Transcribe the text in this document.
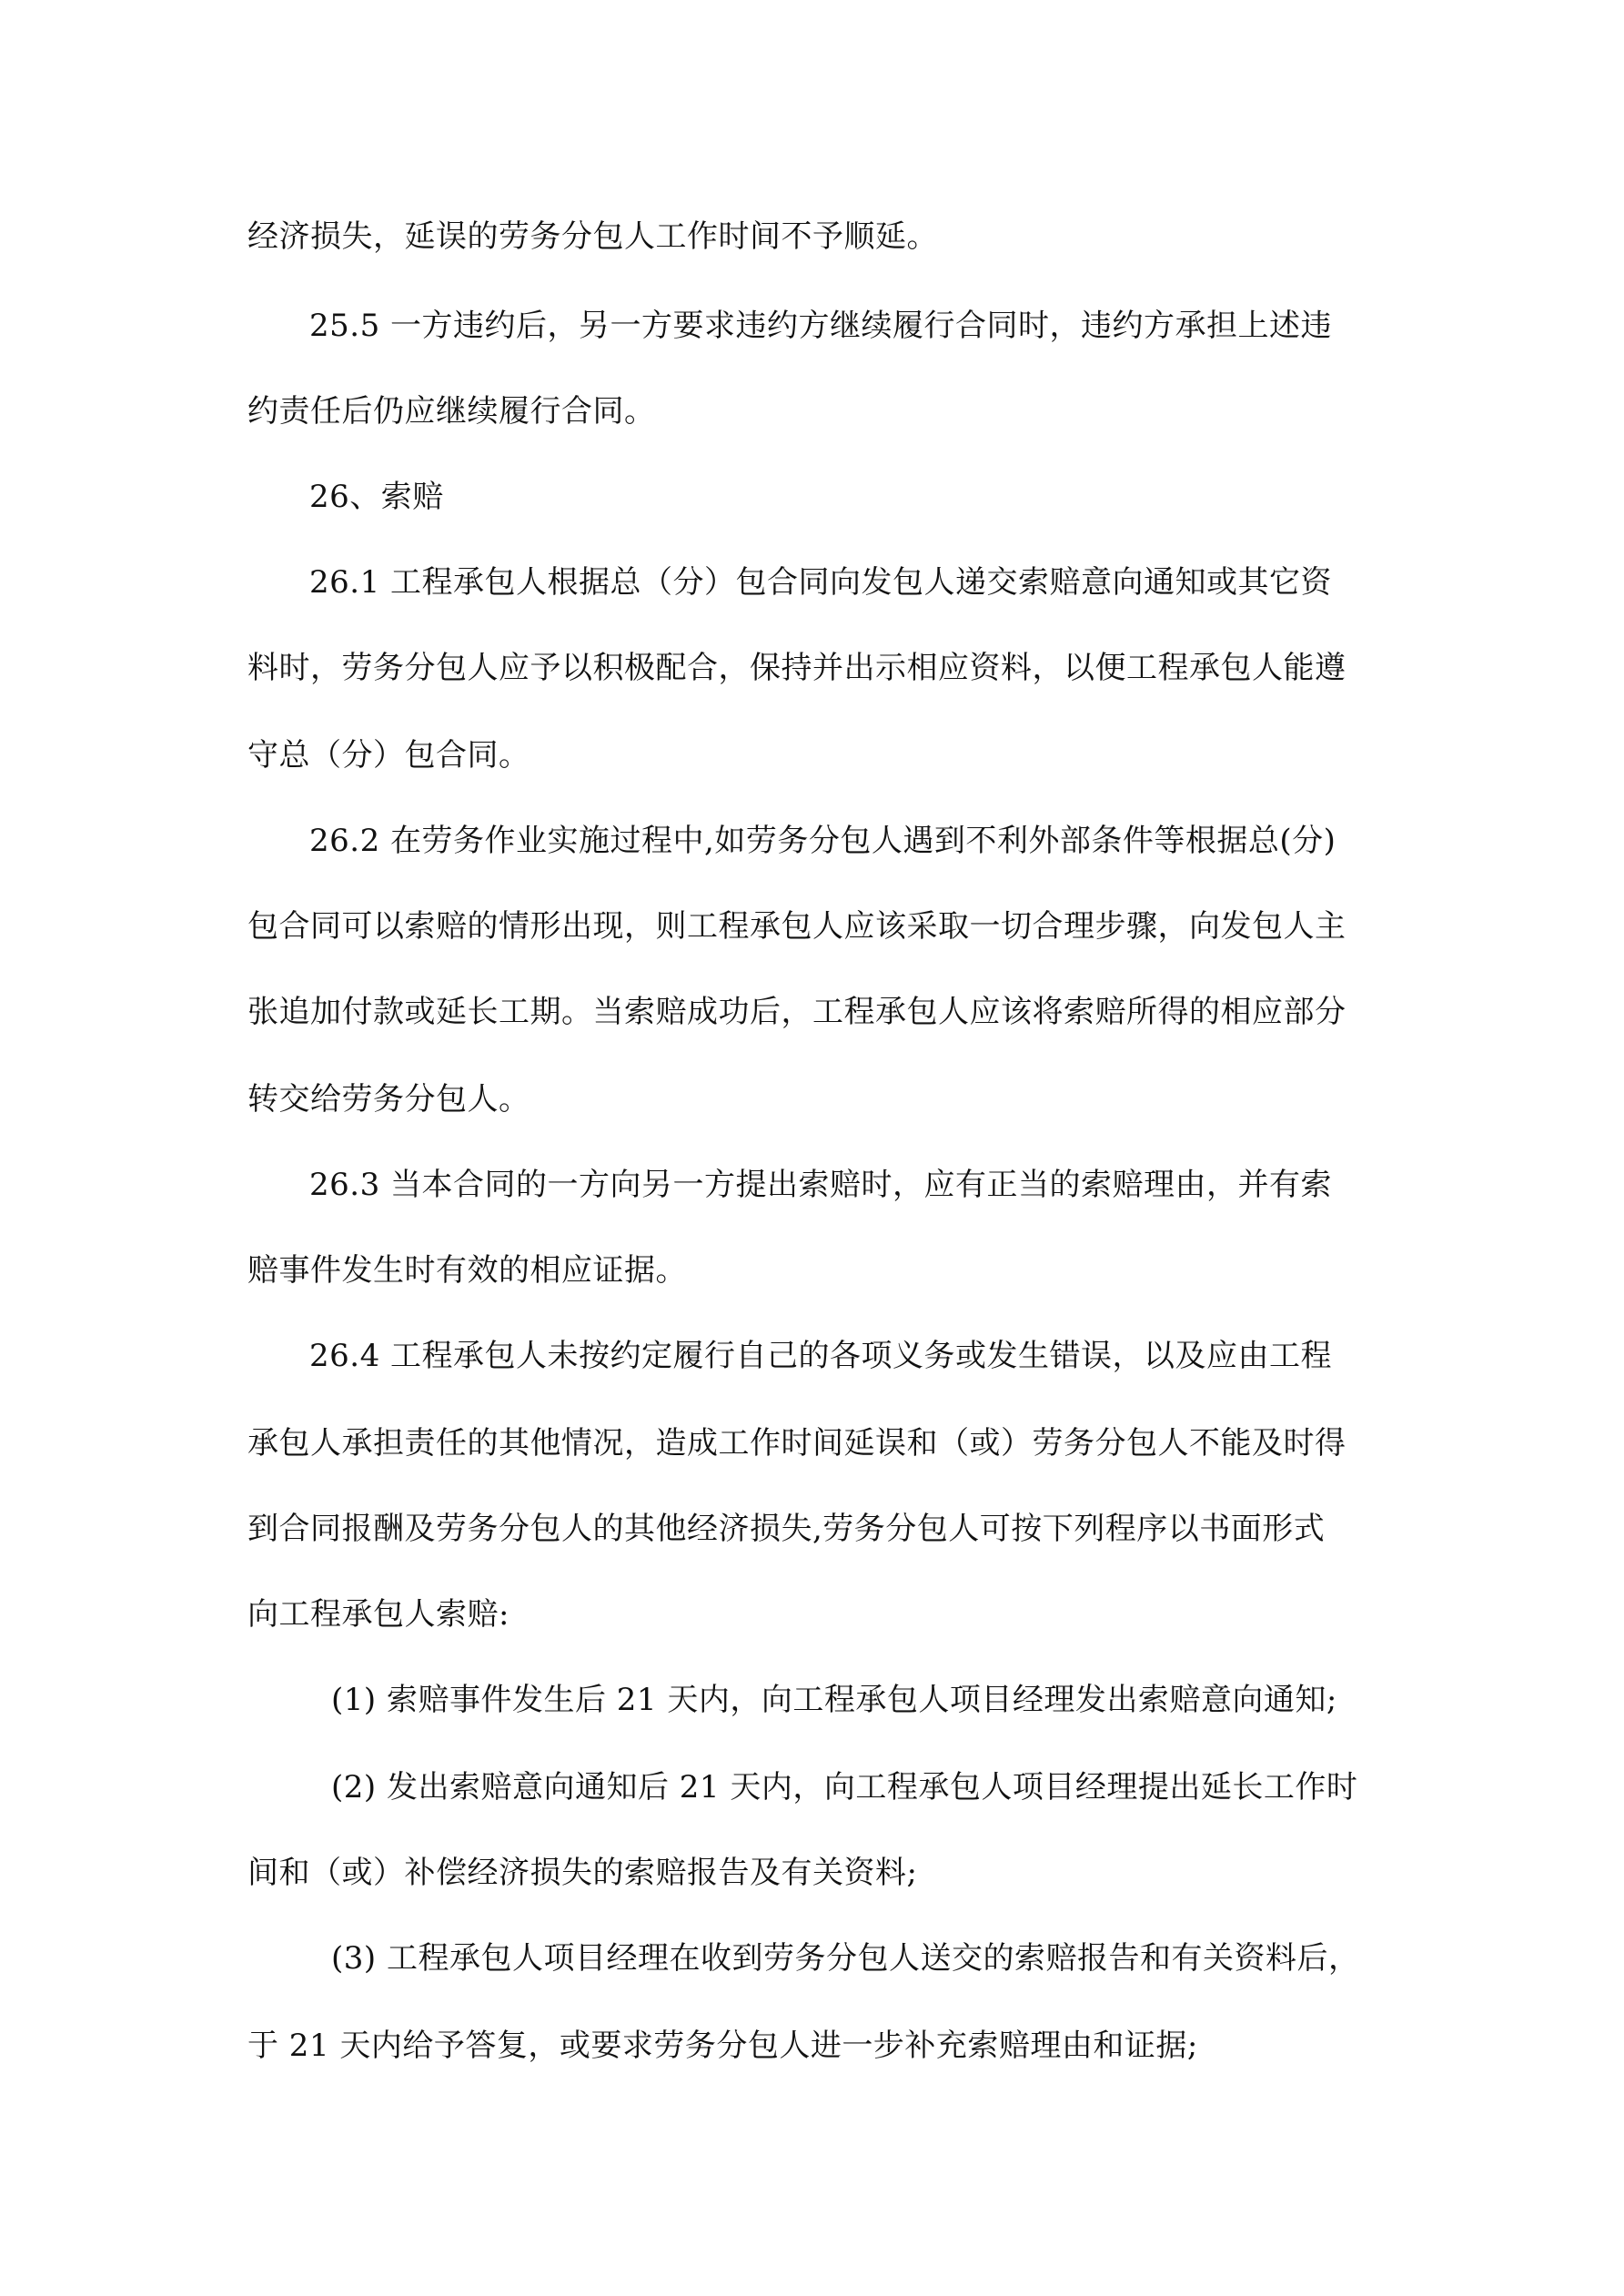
经济损失，延误的劳务分包人工作时间不予顺延。
25.5 一方违约后，另一方要求违约方继续履行合同时，违约方承担上述违
约责任后仍应继续履行合同。
26、索赔
26.1 工程承包人根据总（分）包合同向发包人递交索赔意向通知或其它资
料时，劳务分包人应予以积极配合，保持并出示相应资料，以便工程承包人能遵
守总（分）包合同。
26.2 在劳务作业实施过程中,如劳务分包人遇到不利外部条件等根据总(分)
包合同可以索赔的情形出现，则工程承包人应该采取一切合理步骤，向发包人主
张追加付款或延长工期。当索赔成功后，工程承包人应该将索赔所得的相应部分
转交给劳务分包人。
26.3 当本合同的一方向另一方提出索赔时，应有正当的索赔理由，并有索
赔事件发生时有效的相应证据。
26.4 工程承包人未按约定履行自己的各项义务或发生错误，以及应由工程
承包人承担责任的其他情况，造成工作时间延误和（或）劳务分包人不能及时得
到合同报酬及劳务分包人的其他经济损失,劳务分包人可按下列程序以书面形式
向工程承包人索赔:
(1) 索赔事件发生后 21 天内，向工程承包人项目经理发出索赔意向通知;
(2) 发出索赔意向通知后 21 天内，向工程承包人项目经理提出延长工作时
间和（或）补偿经济损失的索赔报告及有关资料;
(3) 工程承包人项目经理在收到劳务分包人送交的索赔报告和有关资料后，
于 21 天内给予答复，或要求劳务分包人进一步补充索赔理由和证据;
